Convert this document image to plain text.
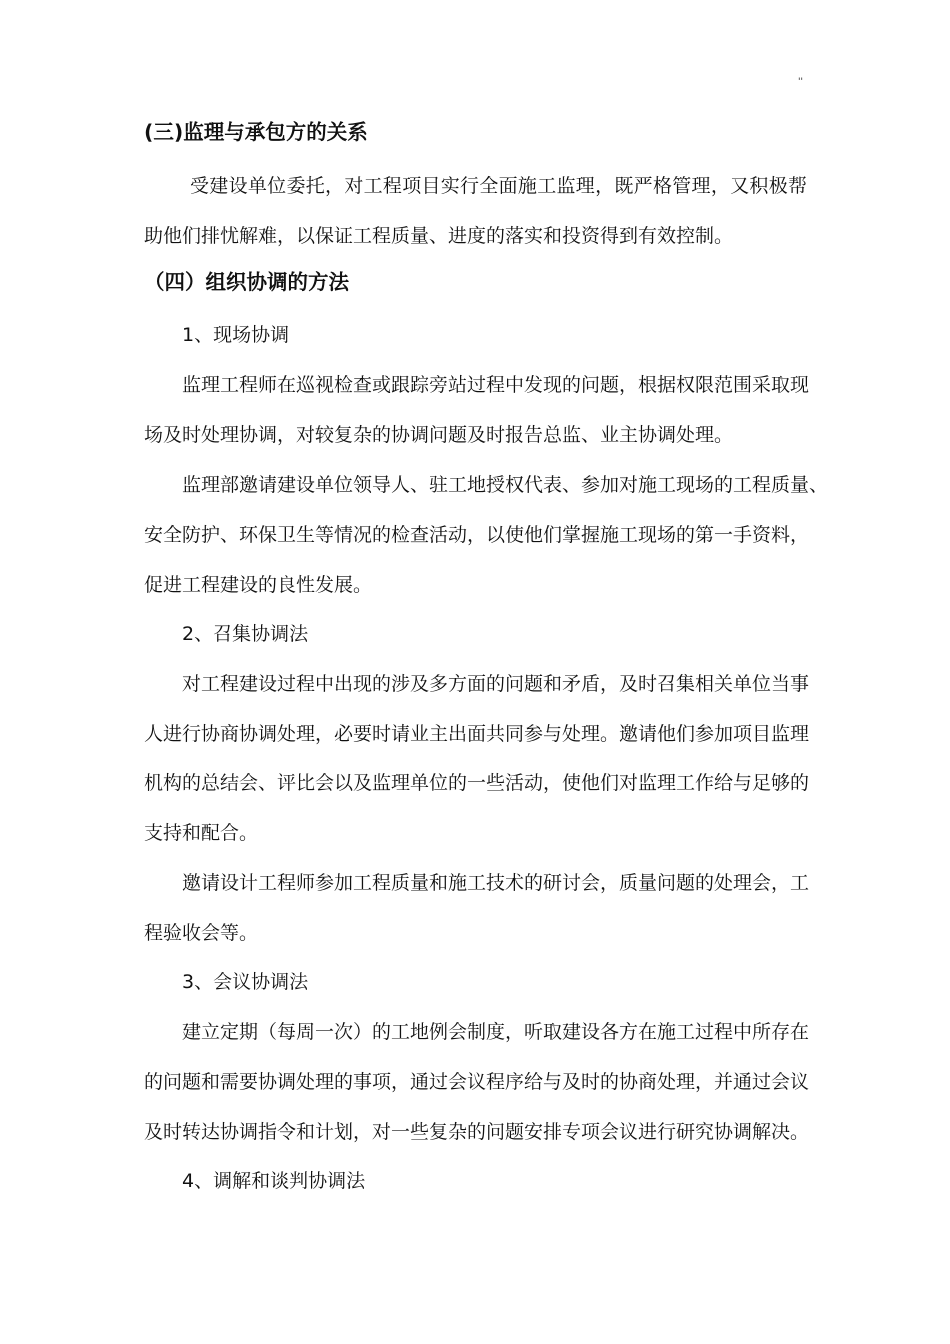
''

(三)监理与承包方的关系

受建设单位委托，对工程项目实行全面施工监理，既严格管理，又积极帮

助他们排忧解难，以保证工程质量、进度的落实和投资得到有效控制。

（四）组织协调的方法

1、现场协调

监理工程师在巡视检查或跟踪旁站过程中发现的问题，根据权限范围采取现

场及时处理协调，对较复杂的协调问题及时报告总监、业主协调处理。

监理部邀请建设单位领导人、驻工地授权代表、参加对施工现场的工程质量、

安全防护、环保卫生等情况的检查活动，以使他们掌握施工现场的第一手资料，

促进工程建设的良性发展。

2、召集协调法

对工程建设过程中出现的涉及多方面的问题和矛盾，及时召集相关单位当事

人进行协商协调处理，必要时请业主出面共同参与处理。邀请他们参加项目监理

机构的总结会、评比会以及监理单位的一些活动，使他们对监理工作给与足够的

支持和配合。

邀请设计工程师参加工程质量和施工技术的研讨会，质量问题的处理会，工

程验收会等。

3、会议协调法

建立定期（每周一次）的工地例会制度，听取建设各方在施工过程中所存在

的问题和需要协调处理的事项，通过会议程序给与及时的协商处理，并通过会议

及时转达协调指令和计划，对一些复杂的问题安排专项会议进行研究协调解决。

4、调解和谈判协调法
